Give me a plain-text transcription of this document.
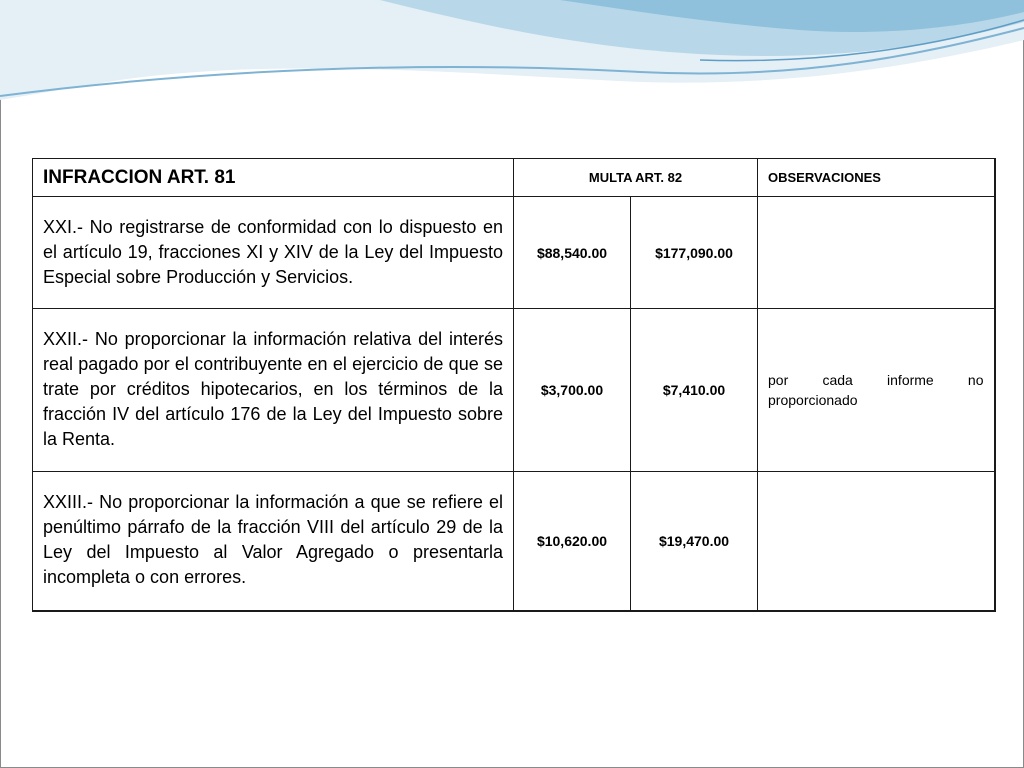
INFRACCION ART. 81	MULTA ART. 82		OBSERVACIONES
XXI.- No registrarse de conformidad con lo dispuesto en el artículo 19, fracciones XI y XIV de la Ley del Impuesto Especial sobre Producción y Servicios.	$88,540.00	$177,090.00	
XXII.- No proporcionar la información relativa del interés real pagado por el contribuyente en el ejercicio de que se trate por créditos hipotecarios, en los términos de la fracción IV del artículo 176 de la Ley del Impuesto sobre la Renta.	$3,700.00	$7,410.00	por cada informe no proporcionado
XXIII.- No proporcionar la información a que se refiere el penúltimo párrafo de la fracción VIII del artículo 29 de la Ley del Impuesto al Valor Agregado o presentarla incompleta o con errores.	$10,620.00	$19,470.00	
